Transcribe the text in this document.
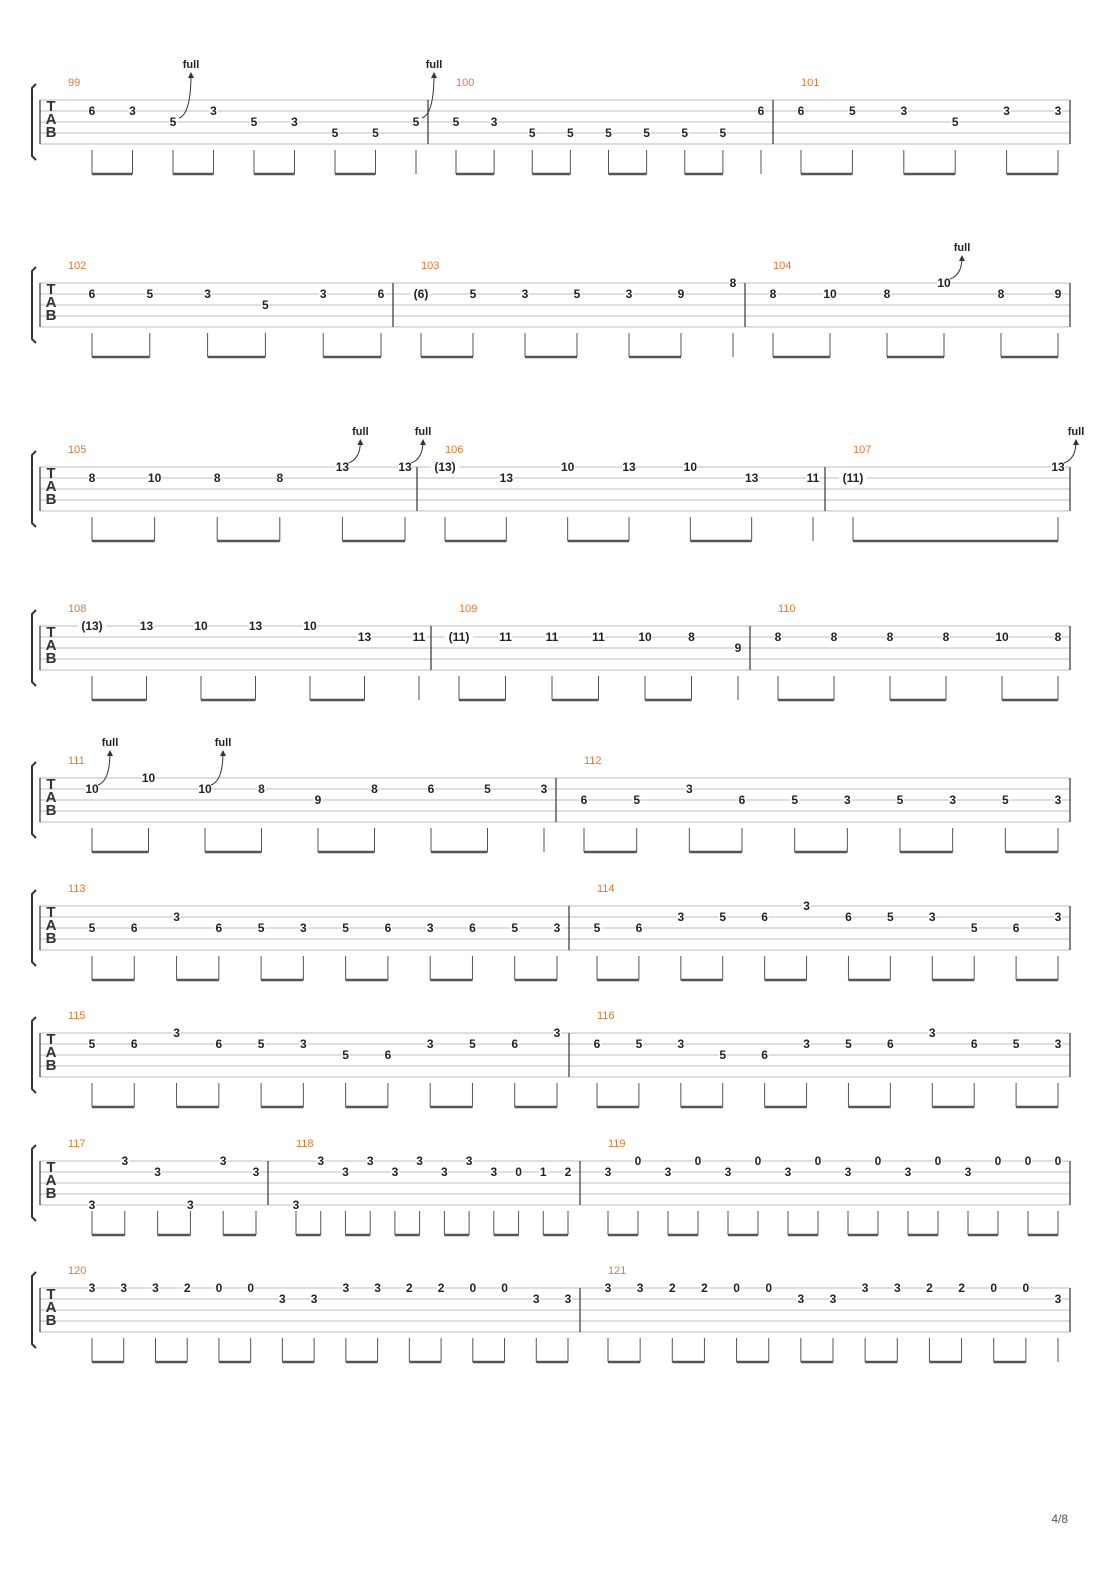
T
A
B
99
6	3
5
full
3
5	3
5	5
5
full
100
5	3
5	5	5	5	5	5
6
101
6	5	3
5
3	3
T
A
B
102
6	5	3
5
3	6
103
(6)	5	3	5	3	9
8
104
8	10	8
10
full
8	9
T
A
B
105
8	10	8	8
13
full
13
full
106
(13)
13
10	13	10
13	11
107
(11)
13
full
T
A
B
108
(13)	13	10	13	10
13	11
109
(11) 11	11	11	10	8
9
110
8	8	8	8	10	8
T
A
B
111
10
full
10
10
full
8
9
8	6	5	3
112
6	5
3
6	5	3	5	3	5	3
T
A
B
113
5	6
3
6	5	3	5	6	3	6	5	3
114
5	6
3	5	6
3
6	5	3
5	6
3
T
A
B
115
5	6
3
6	5	3
5	6
3	5	6
3
116
6	5	3
5	6
3	5	6
3
6	5	3
T
A
B
117
3
3
3
3
3
3
118
3
3
3
3
3
3
3
3
3 0 1 2
119
3
0
3
0
3
0
3
0
3
0
3
0
3
0 0 0
T
A
B
120
3 3 3 2 0 0
3 3
3 3 2 2 0 0
3 3
121
3 3 2 2 0 0
3 3
3 3 2 2 0 0
3
4/8
